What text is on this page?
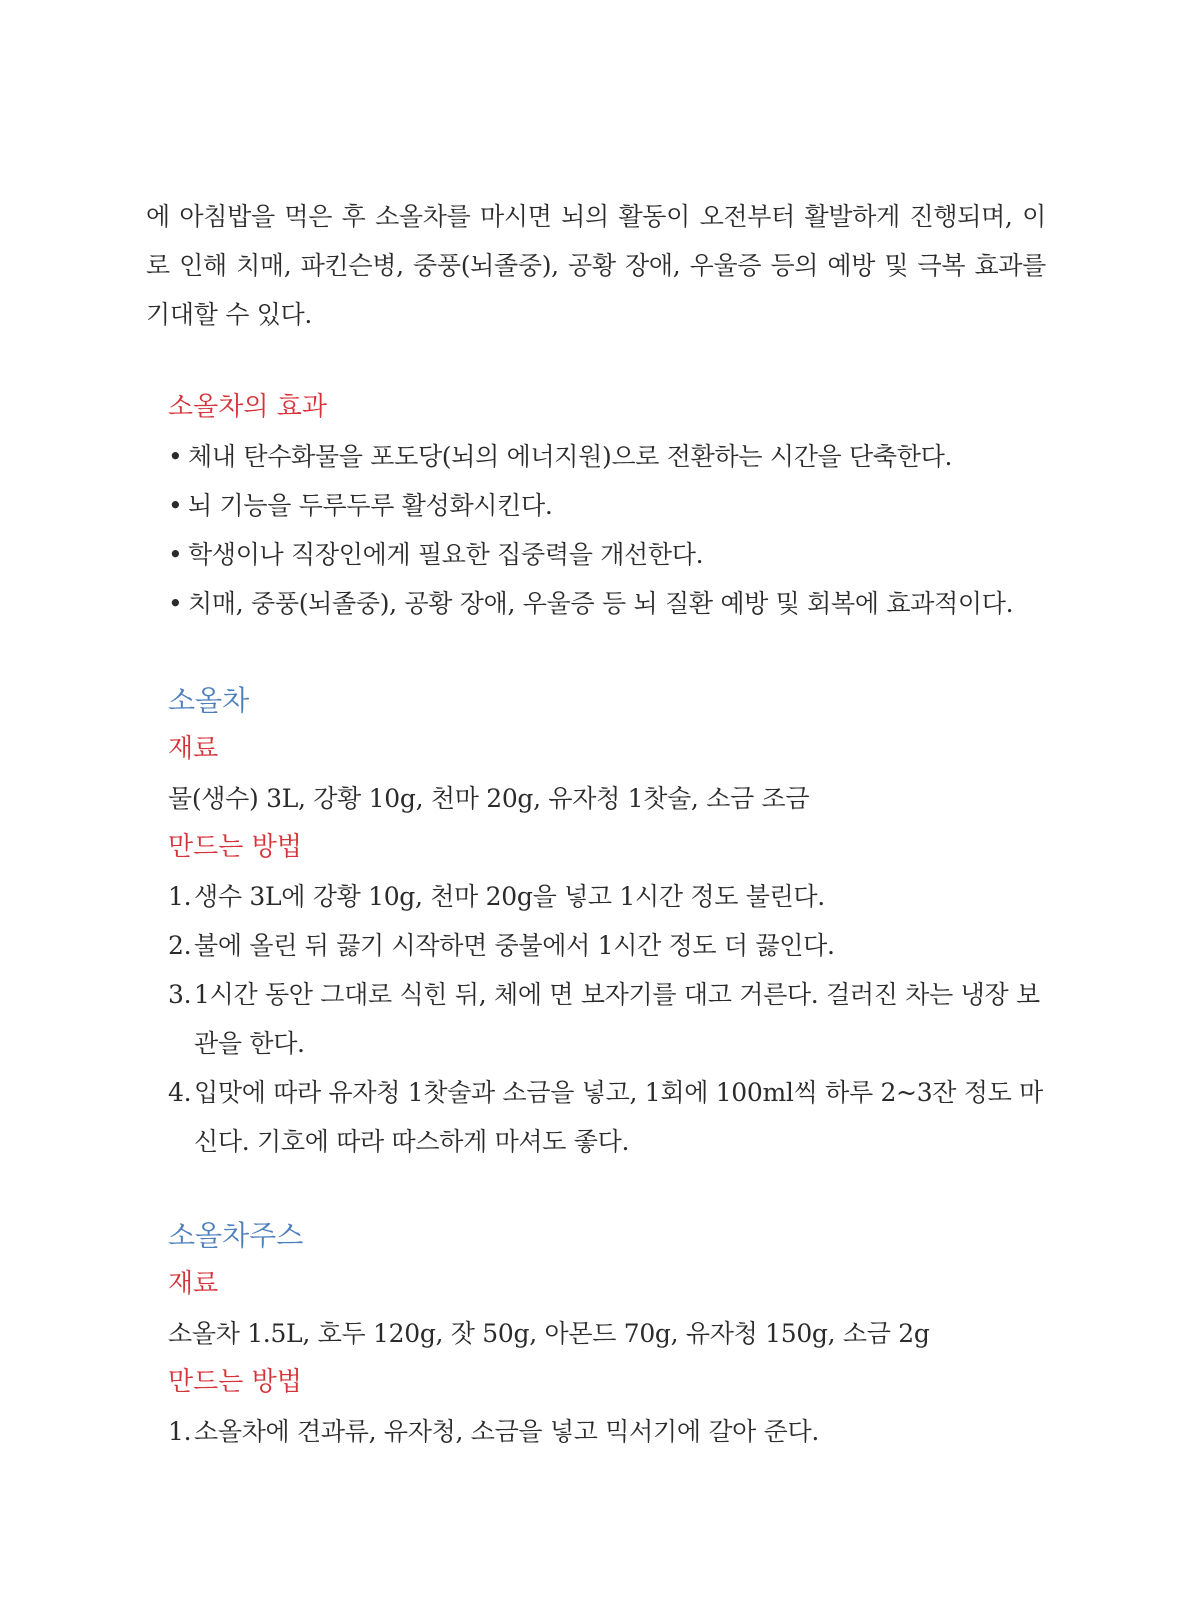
에 아침밥을 먹은 후 소올차를 마시면 뇌의 활동이 오전부터 활발하게 진행되며, 이로 인해 치매, 파킨슨병, 중풍(뇌졸중), 공황 장애, 우울증 등의 예방 및 극복 효과를 기대할 수 있다.

소올차의 효과

• 체내 탄수화물을 포도당(뇌의 에너지원)으로 전환하는 시간을 단축한다.
• 뇌 기능을 두루두루 활성화시킨다.
• 학생이나 직장인에게 필요한 집중력을 개선한다.
• 치매, 중풍(뇌졸중), 공황 장애, 우울증 등 뇌 질환 예방 및 회복에 효과적이다.

소올차

재료

물(생수) 3L, 강황 10g, 천마 20g, 유자청 1찻술, 소금 조금

만드는 방법

1. 생수 3L에 강황 10g, 천마 20g을 넣고 1시간 정도 불린다.
2. 불에 올린 뒤 끓기 시작하면 중불에서 1시간 정도 더 끓인다.
3. 1시간 동안 그대로 식힌 뒤, 체에 면 보자기를 대고 거른다. 걸러진 차는 냉장 보관을 한다.
4. 입맛에 따라 유자청 1찻술과 소금을 넣고, 1회에 100ml씩 하루 2~3잔 정도 마신다. 기호에 따라 따스하게 마셔도 좋다.

소올차주스

재료

소올차 1.5L, 호두 120g, 잣 50g, 아몬드 70g, 유자청 150g, 소금 2g

만드는 방법

1. 소올차에 견과류, 유자청, 소금을 넣고 믹서기에 갈아 준다.
